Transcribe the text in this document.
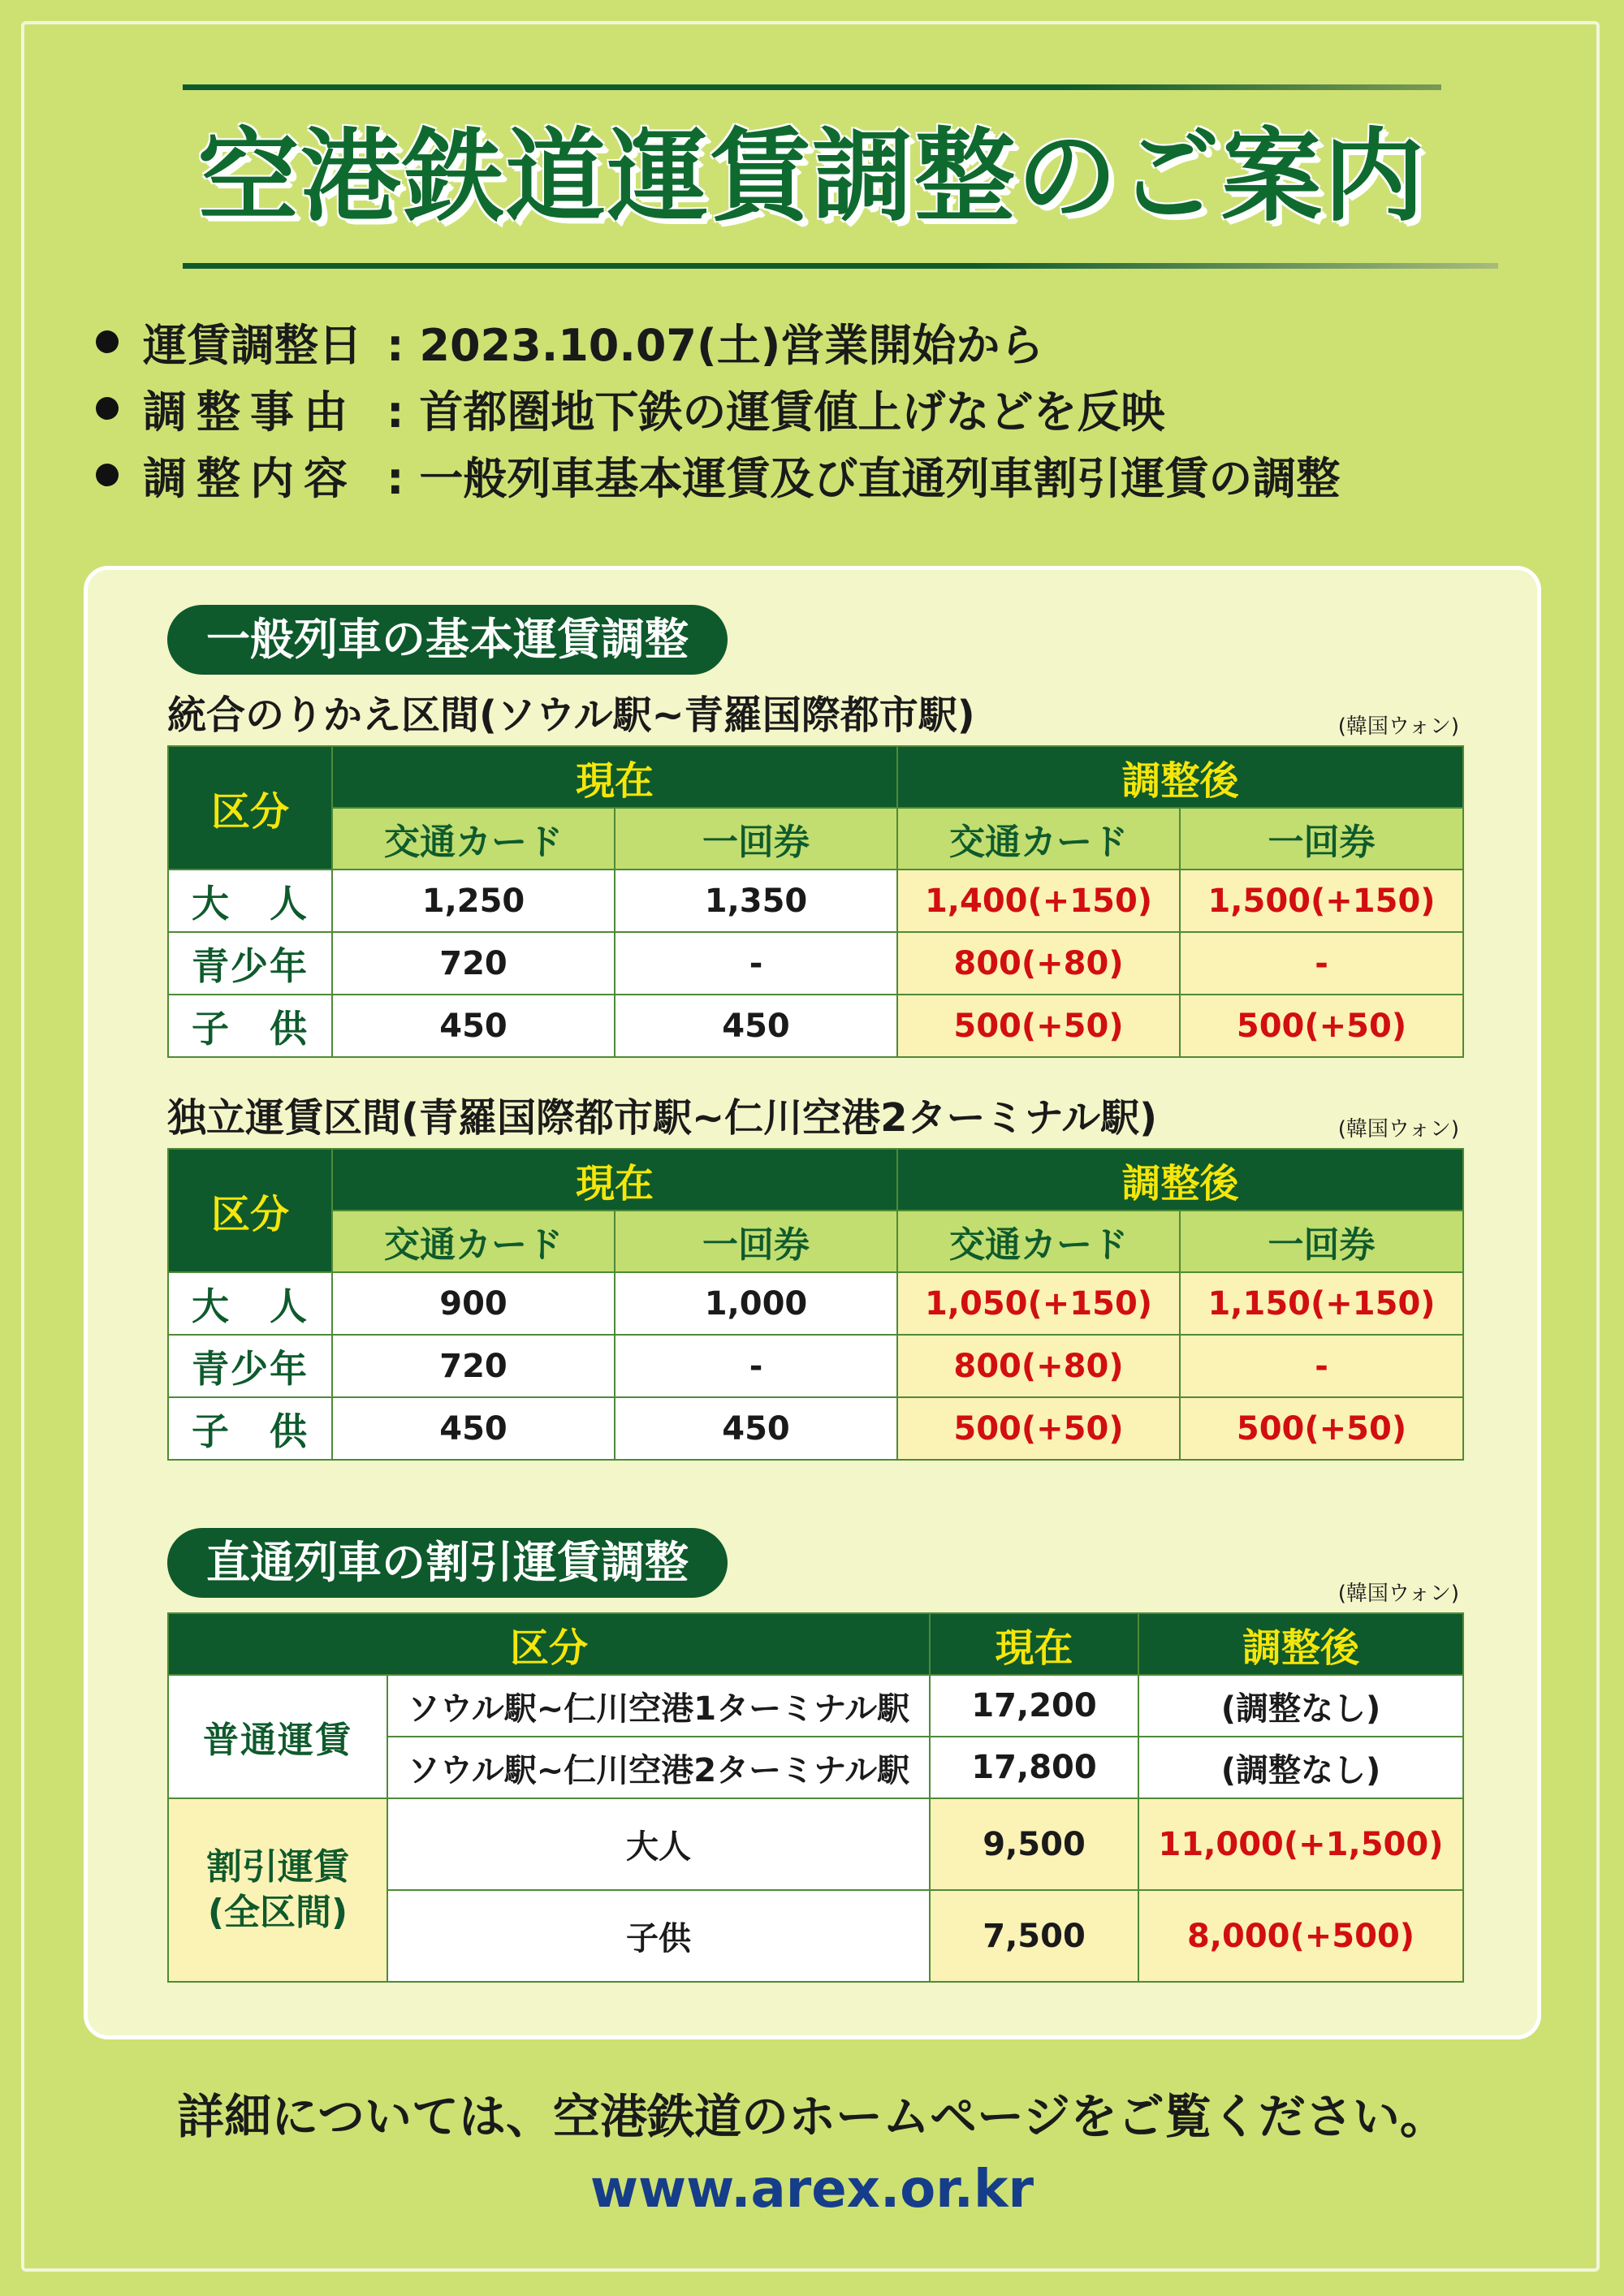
空港鉄道運賃調整のご案内
運賃調整日 : 2023.10.07(土)営業開始から
調整事由 : 首都圏地下鉄の運賃値上げなどを反映
調整内容 : 一般列車基本運賃及び直通列車割引運賃の調整
一般列車の基本運賃調整
統合のりかえ区間(ソウル駅~青羅国際都市駅)	(韓国ウォン)
区分	現在		調整後	
	交通カード	一回券	交通カード	一回券
大　人	1,250	1,350	1,400(+150)	1,500(+150)
青少年	720	-	800(+80)	-
子　供	450	450	500(+50)	500(+50)
独立運賃区間(青羅国際都市駅~仁川空港2ターミナル駅)	(韓国ウォン)
区分	現在		調整後	
	交通カード	一回券	交通カード	一回券
大　人	900	1,000	1,050(+150)	1,150(+150)
青少年	720	-	800(+80)	-
子　供	450	450	500(+50)	500(+50)
直通列車の割引運賃調整
(韓国ウォン)
区分		現在	調整後
普通運賃	ソウル駅~仁川空港1ターミナル駅	17,200	(調整なし)
	ソウル駅~仁川空港2ターミナル駅	17,800	(調整なし)

割引運賃
(全区間)	大人	9,500	11,000(+1,500)
	子供	7,500	8,000(+500)
詳細については、空港鉄道のホームページをご覧ください。
www.arex.or.kr
